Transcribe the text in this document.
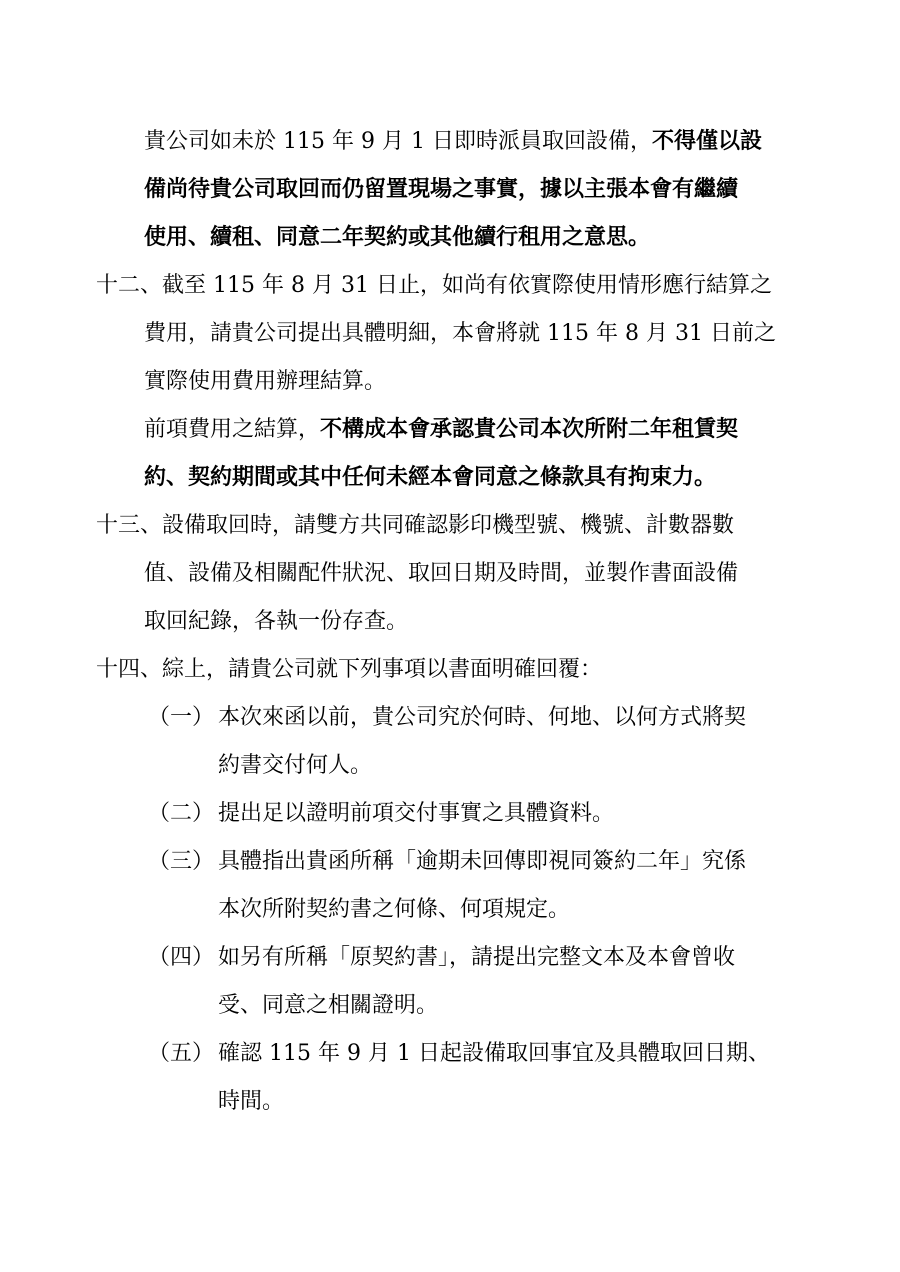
貴公司如未於 115 年 9 月 1 日即時派員取回設備，不得僅以設
備尚待貴公司取回而仍留置現場之事實，據以主張本會有繼續
使用、續租、同意二年契約或其他續行租用之意思。
十二、截至 115 年 8 月 31 日止，如尚有依實際使用情形應行結算之
費用，請貴公司提出具體明細，本會將就 115 年 8 月 31 日前之
實際使用費用辦理結算。
前項費用之結算，不構成本會承認貴公司本次所附二年租賃契
約、契約期間或其中任何未經本會同意之條款具有拘束力。
十三、設備取回時，請雙方共同確認影印機型號、機號、計數器數
值、設備及相關配件狀況、取回日期及時間，並製作書面設備
取回紀錄，各執一份存查。
十四、綜上，請貴公司就下列事項以書面明確回覆：
（一） 本次來函以前，貴公司究於何時、何地、以何方式將契
約書交付何人。
（二） 提出足以證明前項交付事實之具體資料。
（三） 具體指出貴函所稱「逾期未回傳即視同簽約二年」究係
本次所附契約書之何條、何項規定。
（四） 如另有所稱「原契約書」，請提出完整文本及本會曾收
受、同意之相關證明。
（五） 確認 115 年 9 月 1 日起設備取回事宜及具體取回日期、
時間。
